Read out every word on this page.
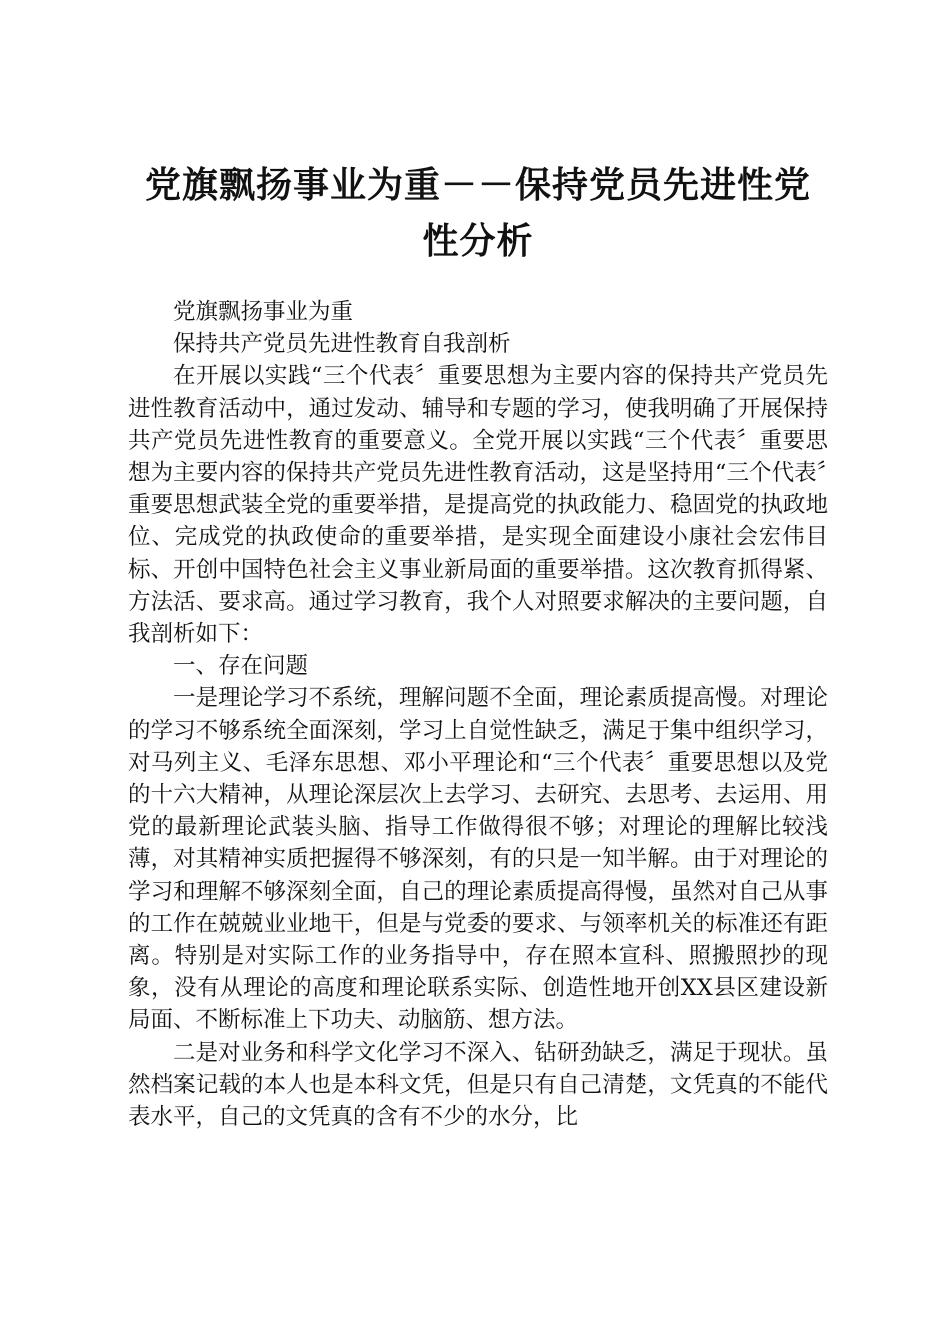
党旗飘扬事业为重－－保持党员先进性党性分析

党旗飘扬事业为重

保持共产党员先进性教育自我剖析

在开展以实践“三个代表〞重要思想为主要内容的保持共产党员先进性教育活动中，通过发动、辅导和专题的学习，使我明确了开展保持共产党员先进性教育的重要意义。全党开展以实践“三个代表〞重要思想为主要内容的保持共产党员先进性教育活动，这是坚持用“三个代表〞重要思想武装全党的重要举措，是提高党的执政能力、稳固党的执政地位、完成党的执政使命的重要举措，是实现全面建设小康社会宏伟目标、开创中国特色社会主义事业新局面的重要举措。这次教育抓得紧、方法活、要求高。通过学习教育，我个人对照要求解决的主要问题，自我剖析如下：

一、存在问题

一是理论学习不系统，理解问题不全面，理论素质提高慢。对理论的学习不够系统全面深刻，学习上自觉性缺乏，满足于集中组织学习，对马列主义、毛泽东思想、邓小平理论和“三个代表〞重要思想以及党的十六大精神，从理论深层次上去学习、去研究、去思考、去运用、用党的最新理论武装头脑、指导工作做得很不够；对理论的理解比较浅薄，对其精神实质把握得不够深刻，有的只是一知半解。由于对理论的学习和理解不够深刻全面，自己的理论素质提高得慢，虽然对自己从事的工作在兢兢业业地干，但是与党委的要求、与领率机关的标准还有距离。特别是对实际工作的业务指导中，存在照本宣科、照搬照抄的现象，没有从理论的高度和理论联系实际、创造性地开创XX县区建设新局面、不断标准上下功夫、动脑筋、想方法。

二是对业务和科学文化学习不深入、钻研劲缺乏，满足于现状。虽然档案记载的本人也是本科文凭，但是只有自己清楚，文凭真的不能代表水平，自己的文凭真的含有不少的水分，比
